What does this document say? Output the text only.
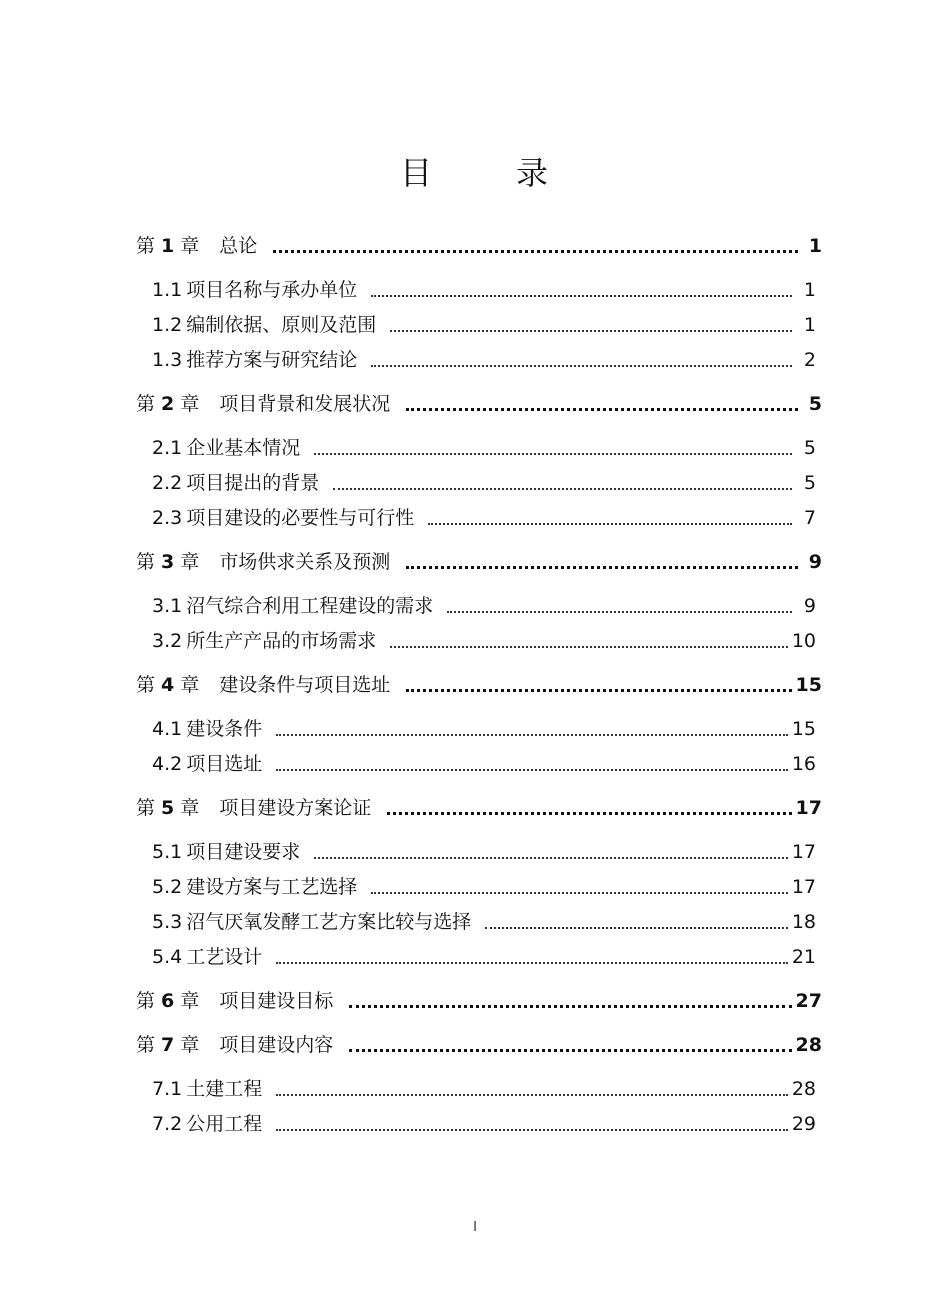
目	录
第 1 章 总论	1
1.1 项目名称与承办单位	1
1.2 编制依据、原则及范围	1
1.3 推荐方案与研究结论	2
第 2 章 项目背景和发展状况	5
2.1 企业基本情况	5
2.2 项目提出的背景	5
2.3 项目建设的必要性与可行性	7
第 3 章 市场供求关系及预测	9
3.1 沼气综合利用工程建设的需求	9
3.2 所生产产品的市场需求	10
第 4 章 建设条件与项目选址	15
4.1 建设条件	15
4.2 项目选址	16
第 5 章 项目建设方案论证	17
5.1 项目建设要求	17
5.2 建设方案与工艺选择	17
5.3 沼气厌氧发酵工艺方案比较与选择	18
5.4 工艺设计	21
第 6 章 项目建设目标	27
第 7 章 项目建设内容	28
7.1 土建工程	28
7.2 公用工程	29
I
